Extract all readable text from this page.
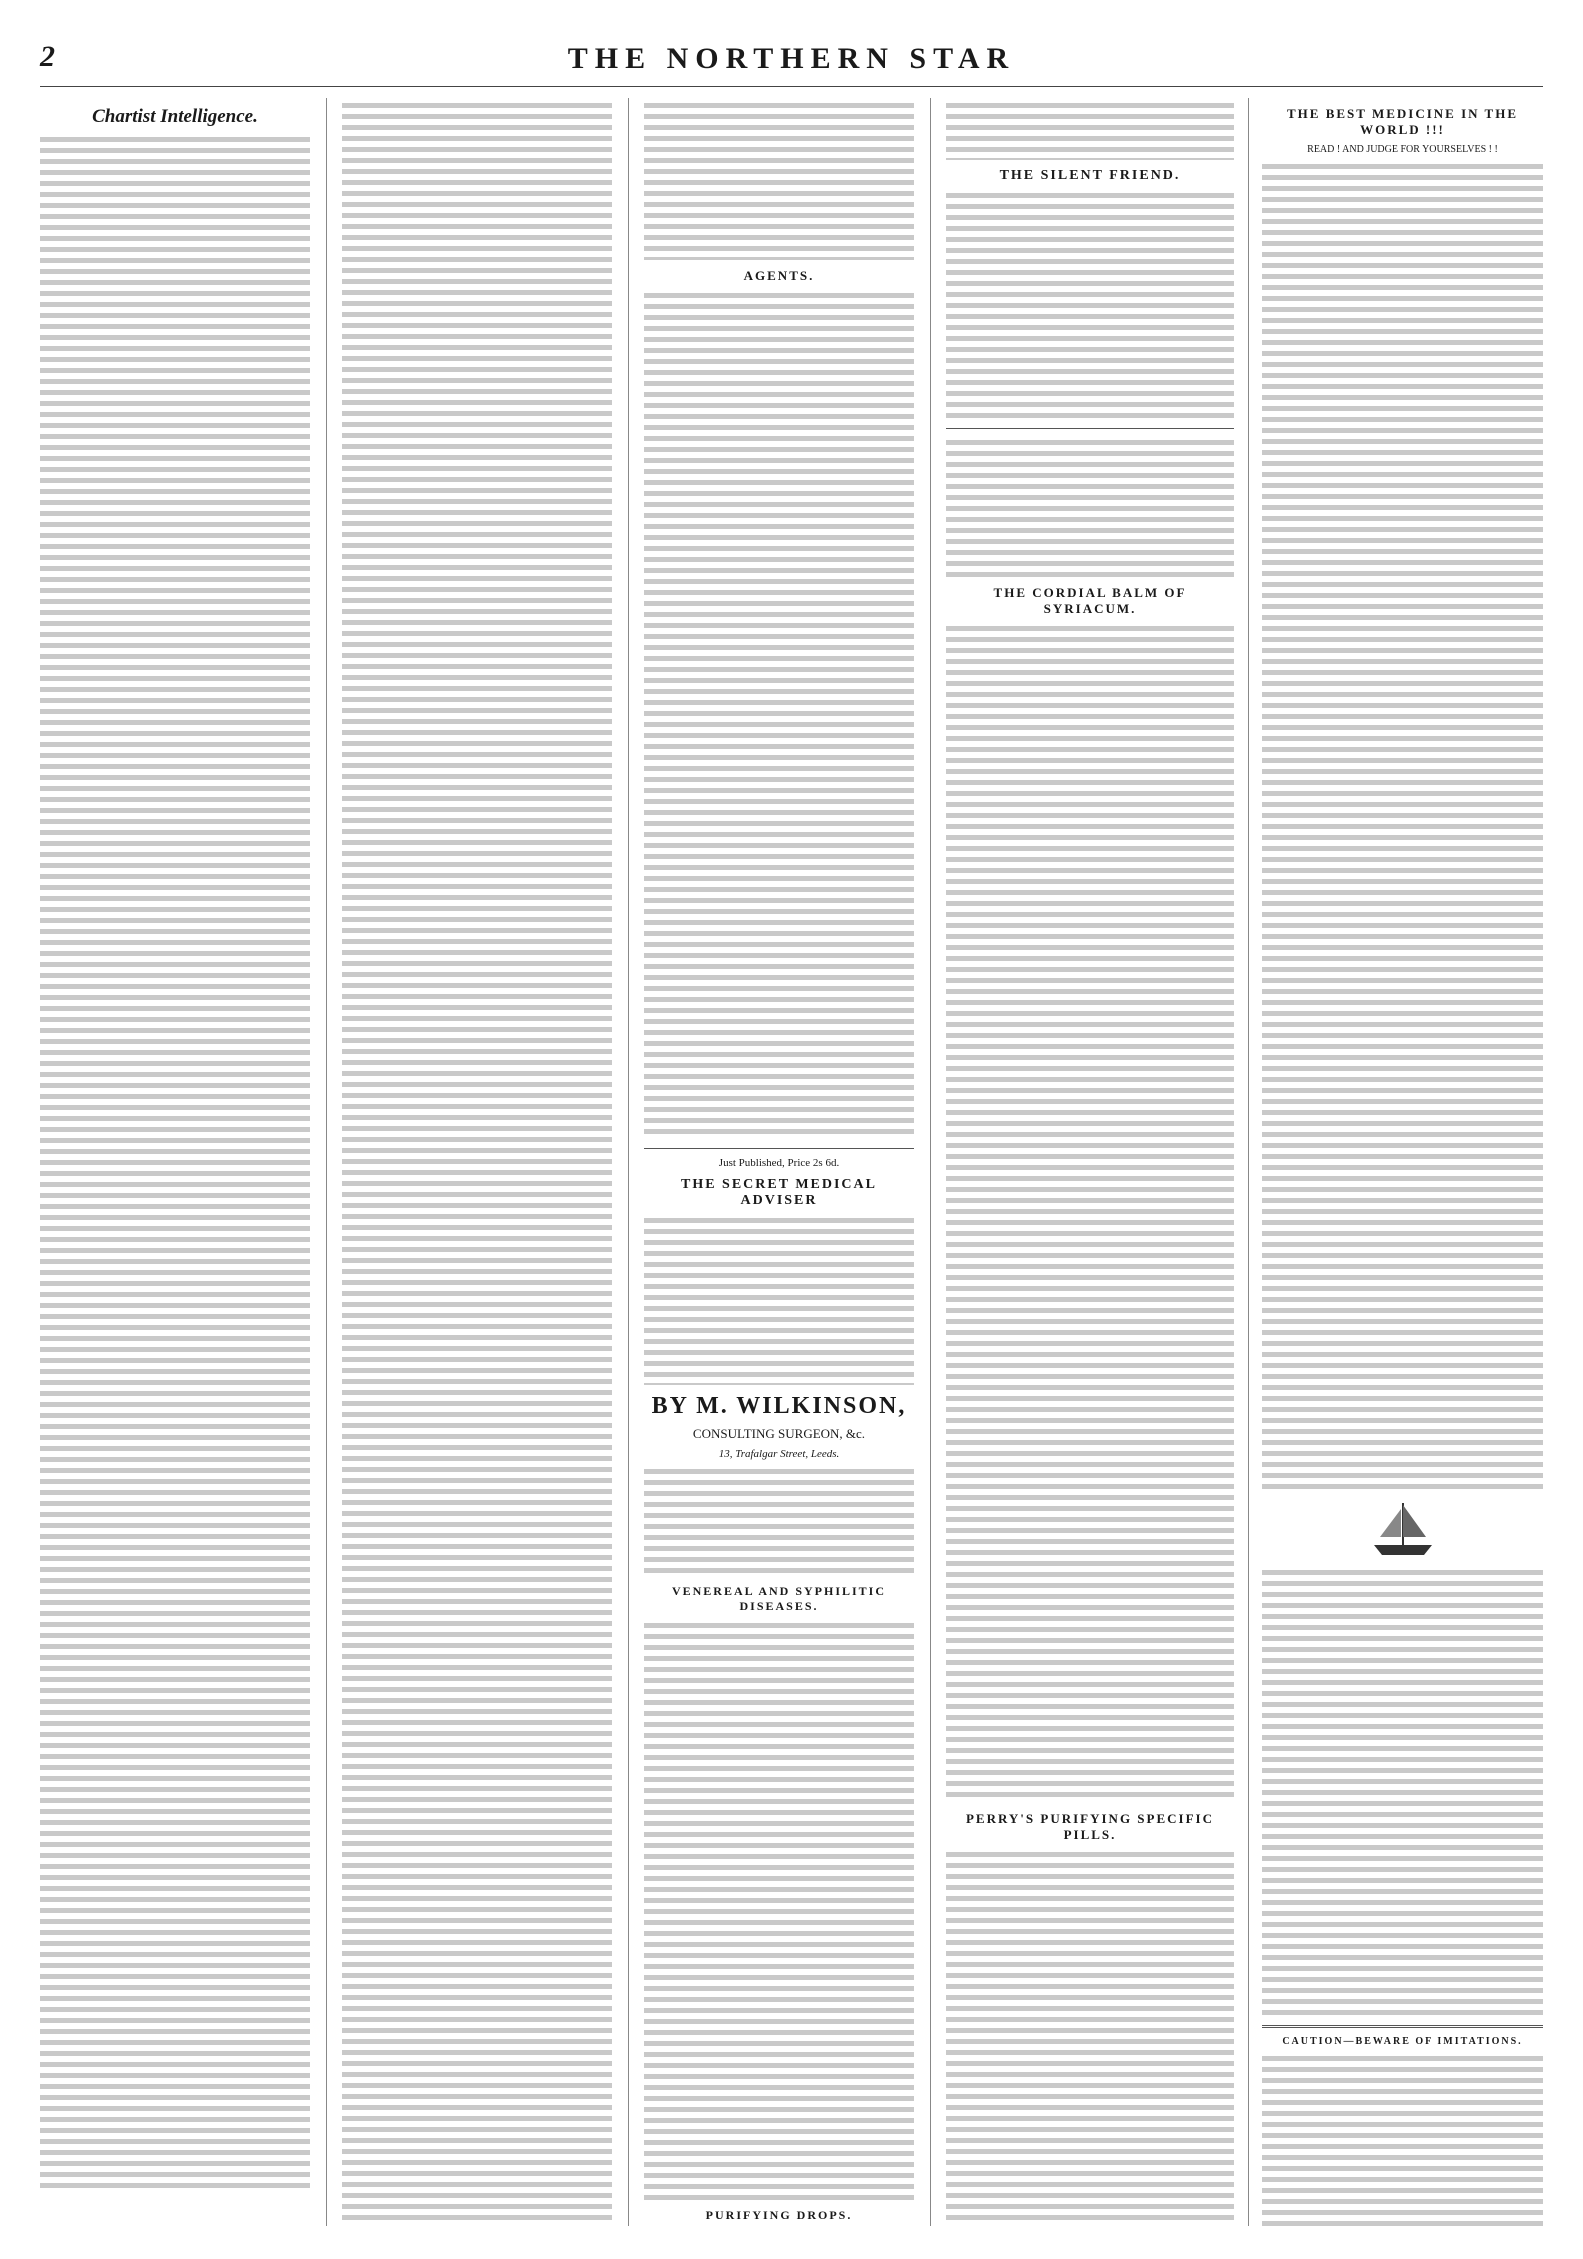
2	THE NORTHERN STAR
Chartist Intelligence.
AGENTS.
Just Published, Price 2s 6d.
THE SECRET MEDICAL ADVISER
BY M. WILKINSON,
CONSULTING SURGEON, &c.
13, Trafalgar Street, Leeds.
VENEREAL AND SYPHILITIC DISEASES.
PURIFYING DROPS.
THE SILENT FRIEND.
THE CORDIAL BALM OF SYRIACUM.
PERRY'S PURIFYING SPECIFIC PILLS.
THE BEST MEDICINE IN THE WORLD !!!
READ ! AND JUDGE FOR YOURSELVES ! !
CAUTION—BEWARE OF IMITATIONS.
